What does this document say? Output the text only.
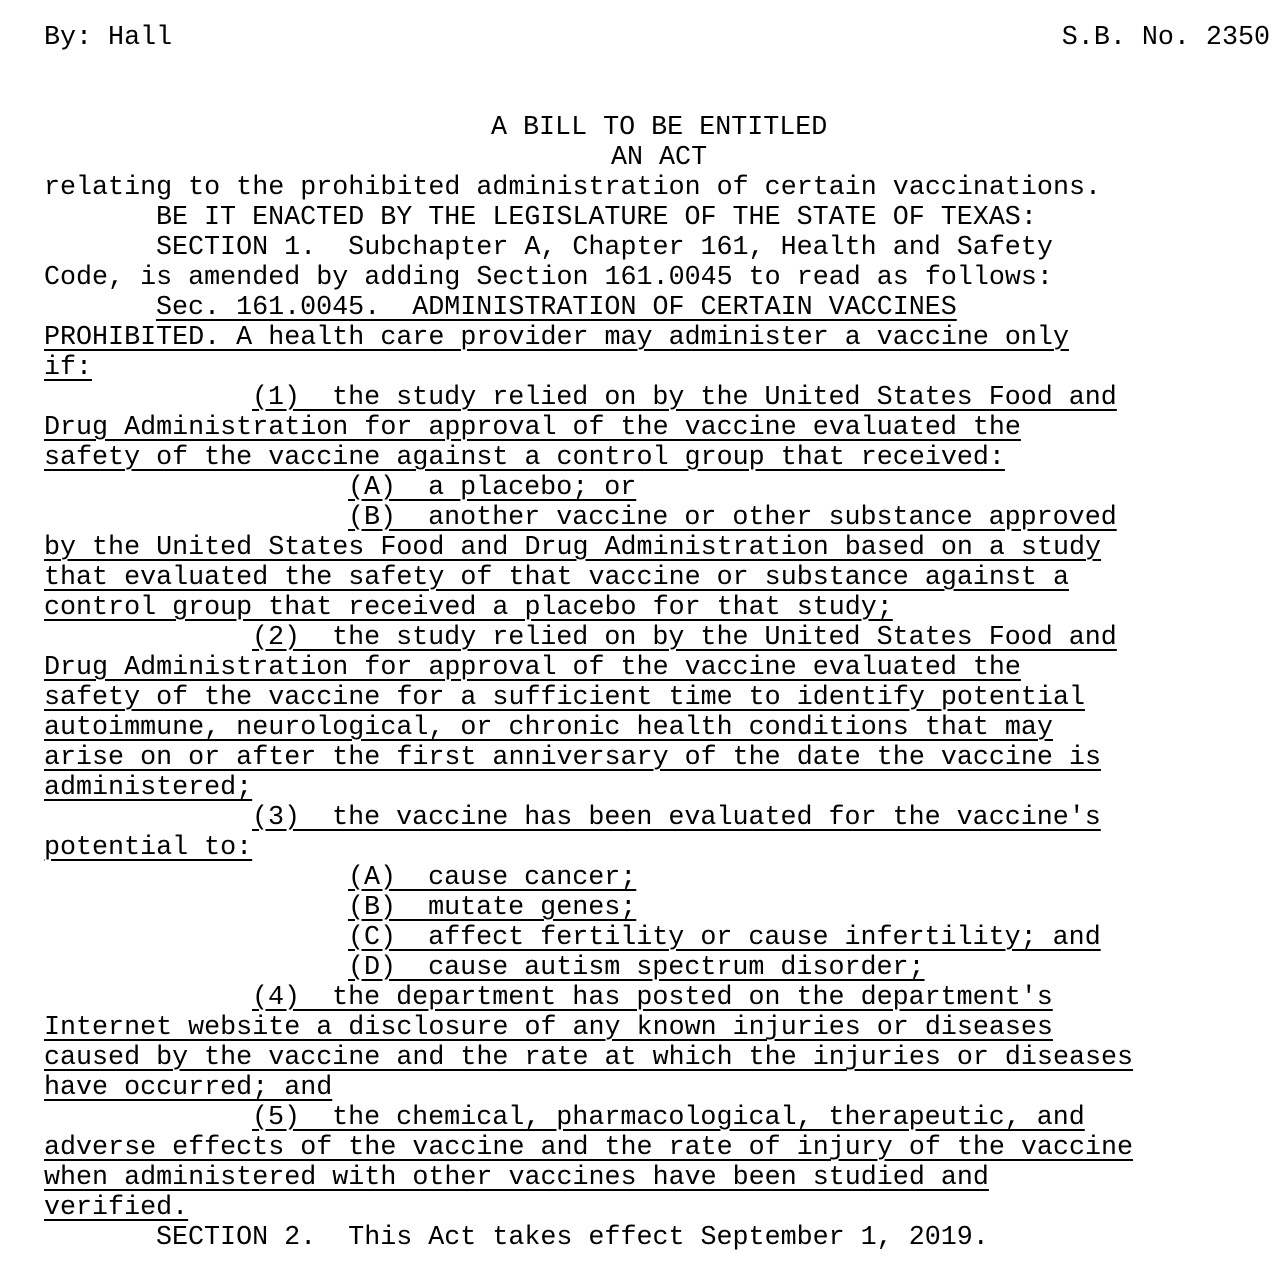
By: Hall	S.B. No. 2350
A BILL TO BE ENTITLED
AN ACT
relating to the prohibited administration of certain vaccinations.
BE IT ENACTED BY THE LEGISLATURE OF THE STATE OF TEXAS:
SECTION 1.  Subchapter A, Chapter 161, Health and Safety
Code, is amended by adding Section 161.0045 to read as follows:
Sec. 161.0045.  ADMINISTRATION OF CERTAIN VACCINES
PROHIBITED. A health care provider may administer a vaccine only
if:
(1)  the study relied on by the United States Food and
Drug Administration for approval of the vaccine evaluated the
safety of the vaccine against a control group that received:
(A)  a placebo; or
(B)  another vaccine or other substance approved
by the United States Food and Drug Administration based on a study
that evaluated the safety of that vaccine or substance against a
control group that received a placebo for that study;
(2)  the study relied on by the United States Food and
Drug Administration for approval of the vaccine evaluated the
safety of the vaccine for a sufficient time to identify potential
autoimmune, neurological, or chronic health conditions that may
arise on or after the first anniversary of the date the vaccine is
administered;
(3)  the vaccine has been evaluated for the vaccine's
potential to:
(A)  cause cancer;
(B)  mutate genes;
(C)  affect fertility or cause infertility; and
(D)  cause autism spectrum disorder;
(4)  the department has posted on the department's
Internet website a disclosure of any known injuries or diseases
caused by the vaccine and the rate at which the injuries or diseases
have occurred; and
(5)  the chemical, pharmacological, therapeutic, and
adverse effects of the vaccine and the rate of injury of the vaccine
when administered with other vaccines have been studied and
verified.
SECTION 2.  This Act takes effect September 1, 2019.
